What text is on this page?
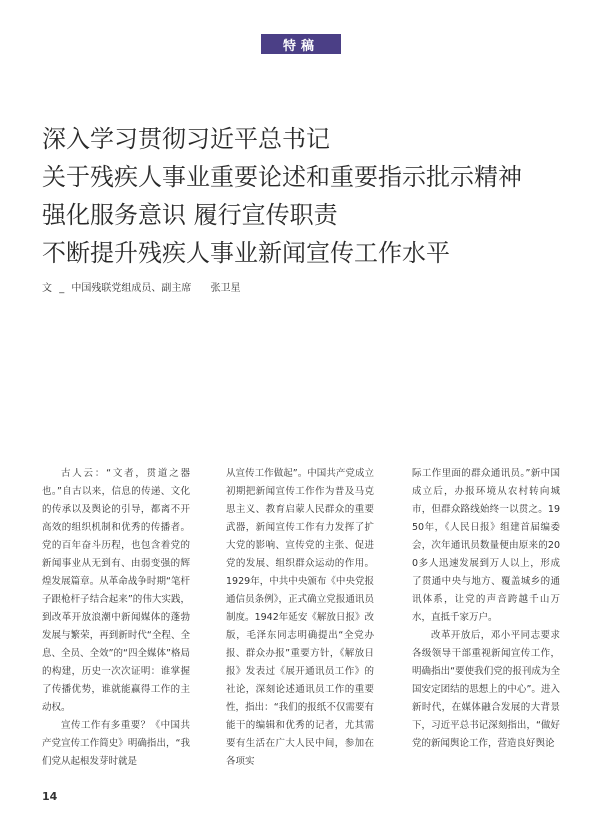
特稿
深入学习贯彻习近平总书记
关于残疾人事业重要论述和重要指示批示精神
强化服务意识 履行宣传职责
不断提升残疾人事业新闻宣传工作水平
文 _ 中国残联党组成员、副主席 张卫星

古人云：“文者，贯道之器也。”自古以来，信息的传递、文化的传承以及舆论的引导，都离不开高效的组织机制和优秀的传播者。党的百年奋斗历程，也包含着党的新闻事业从无到有、由弱变强的辉煌发展篇章。从革命战争时期“笔杆子跟枪杆子结合起来”的伟大实践，到改革开放浪潮中新闻媒体的蓬勃发展与繁荣，再到新时代“全程、全息、全员、全效”的“四全媒体”格局的构建，历史一次次证明：谁掌握了传播优势，谁就能赢得工作的主动权。

宣传工作有多重要？《中国共产党宣传工作简史》明确指出，“我们党从起根发芽时就是

从宣传工作做起”。中国共产党成立初期把新闻宣传工作作为普及马克思主义、教育启蒙人民群众的重要武器，新闻宣传工作有力发挥了扩大党的影响、宣传党的主张、促进党的发展、组织群众运动的作用。1929年，中共中央颁布《中央党报通信员条例》，正式确立党报通讯员制度。1942年延安《解放日报》改版，毛泽东同志明确提出“全党办报、群众办报”重要方针，《解放日报》发表过《展开通讯员工作》的社论，深刻论述通讯员工作的重要性，指出：“我们的报纸不仅需要有能干的编辑和优秀的记者，尤其需要有生活在广大人民中间，参加在各项实

际工作里面的群众通讯员。”新中国成立后，办报环境从农村转向城市，但群众路线始终一以贯之。1950年，《人民日报》组建首届编委会，次年通讯员数量便由原来的200多人迅速发展到万人以上，形成了贯通中央与地方、覆盖城乡的通讯体系，让党的声音跨越千山万水，直抵千家万户。

改革开放后，邓小平同志要求各级领导干部重视新闻宣传工作，明确指出“要使我们党的报刊成为全国安定团结的思想上的中心”。进入新时代，在媒体融合发展的大背景下，习近平总书记深刻指出，“做好党的新闻舆论工作，营造良好舆论

14
